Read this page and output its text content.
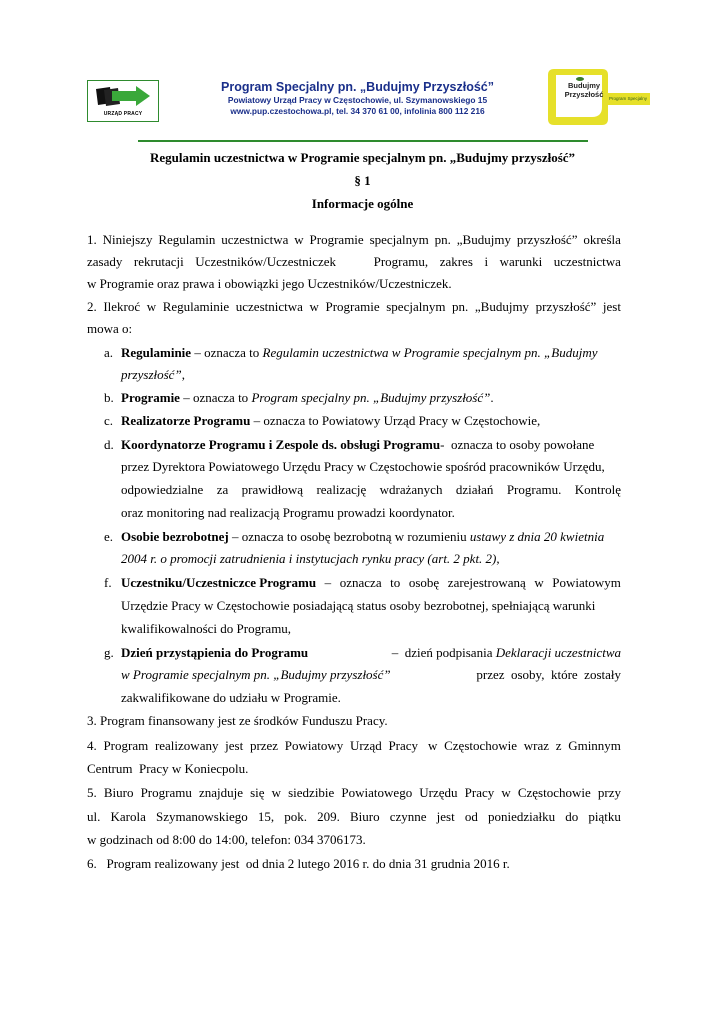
URZĄD PRACY
Program Specjalny pn. „Budujmy Przyszłość”
Powiatowy Urząd Pracy w Częstochowie, ul. Szymanowskiego 15
www.pup.czestochowa.pl, tel. 34 370 61 00, infolinia 800 112 216
Budujmy
Przyszłość	Program Specjalny
Regulamin uczestnictwa w Programie specjalnym pn. „Budujmy przyszłość”
§ 1
Informacje ogólne
1. Niniejszy Regulamin uczestnictwa w Programie specjalnym pn. „Budujmy przyszłość” określa
zasady rekrutacji Uczestników/Uczestniczek	Programu, zakres i warunki uczestnictwa
w Programie oraz prawa i obowiązki jego Uczestników/Uczestniczek.
2. Ilekroć w Regulaminie uczestnictwa w Programie specjalnym pn. „Budujmy przyszłość” jest
mowa o:
a. Regulaminie – oznacza to Regulamin uczestnictwa w Programie specjalnym pn. „Budujmy
przyszłość”,
b. Programie – oznacza to Program specjalny pn. „Budujmy przyszłość”.
c. Realizatorze Programu – oznacza to Powiatowy Urząd Pracy w Częstochowie,
d. Koordynatorze Programu i Zespole ds. obsługi Programu-  oznacza to osoby powołane
przez Dyrektora Powiatowego Urzędu Pracy w Częstochowie spośród pracowników Urzędu,
odpowiedzialne za prawidłową realizację wdrażanych działań Programu. Kontrolę
oraz monitoring nad realizacją Programu prowadzi koordynator.
e. Osobie bezrobotnej – oznacza to osobę bezrobotną w rozumieniu ustawy z dnia 20 kwietnia
2004 r. o promocji zatrudnienia i instytucjach rynku pracy (art. 2 pkt. 2),
f. Uczestniku/Uczestniczce Programu – oznacza to osobę zarejestrowaną w Powiatowym
Urzędzie Pracy w Częstochowie posiadającą status osoby bezrobotnej, spełniającą warunki
kwalifikowalności do Programu,
g. Dzień przystąpienia do Programu	–  dzień podpisania Deklaracji uczestnictwa
w Programie specjalnym pn. „Budujmy przyszłość”	przez  osoby,  które  zostały
zakwalifikowane do udziału w Programie.
3. Program finansowany jest ze środków Funduszu Pracy.
4. Program realizowany jest przez Powiatowy Urząd Pracy w Częstochowie wraz z Gminnym
Centrum  Pracy w Koniecpolu.
5. Biuro Programu znajduje się w siedzibie Powiatowego Urzędu Pracy w Częstochowie przy
ul. Karola Szymanowskiego 15, pok. 209. Biuro czynne jest od poniedziałku do piątku
w godzinach od 8:00 do 14:00, telefon: 034 3706173.
6.   Program realizowany jest  od dnia 2 lutego 2016 r. do dnia 31 grudnia 2016 r.
